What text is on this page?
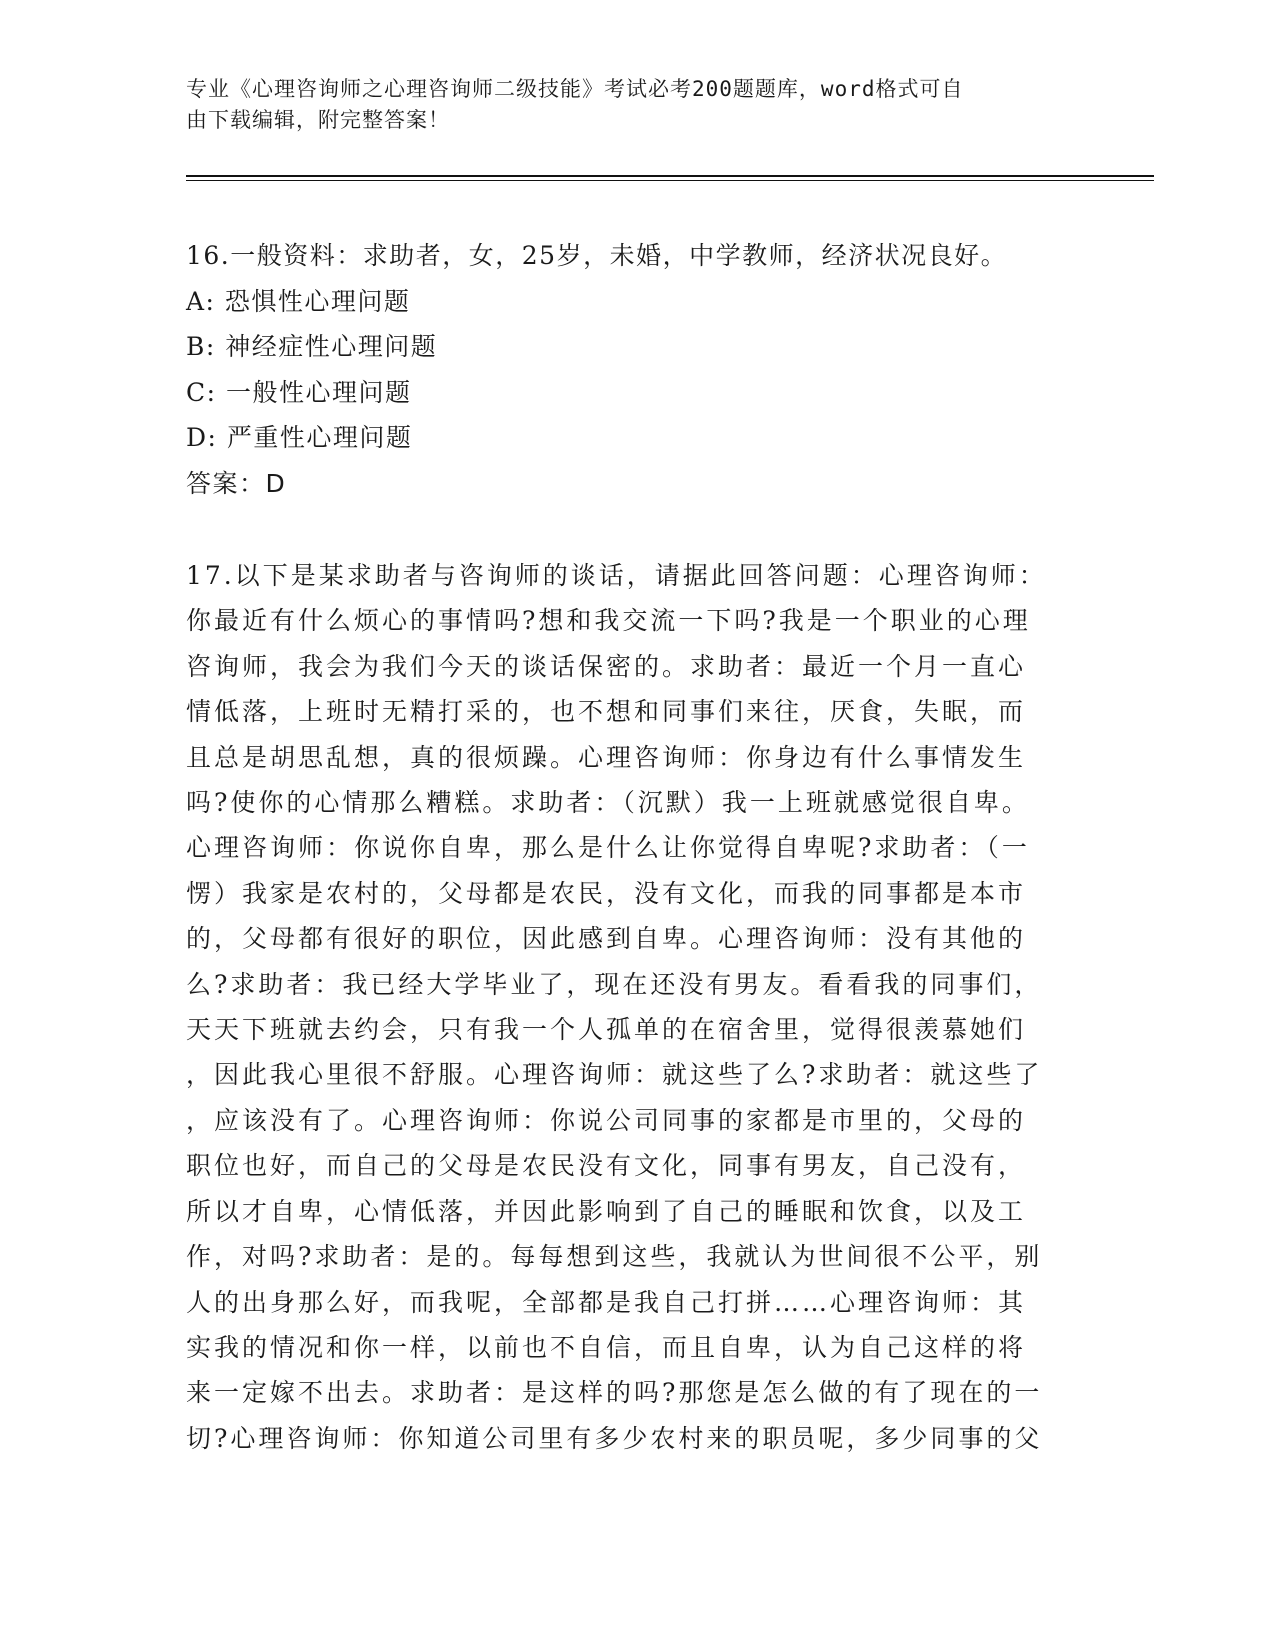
专业《心理咨询师之心理咨询师二级技能》考试必考200题题库，word格式可自
由下载编辑，附完整答案！
16.一般资料：求助者，女，25岁，未婚，中学教师，经济状况良好。
A: 恐惧性心理问题
B: 神经症性心理问题
C: 一般性心理问题
D: 严重性心理问题
答案：D
17.以下是某求助者与咨询师的谈话，请据此回答问题：心理咨询师：
你最近有什么烦心的事情吗?想和我交流一下吗?我是一个职业的心理
咨询师，我会为我们今天的谈话保密的。求助者：最近一个月一直心
情低落，上班时无精打采的，也不想和同事们来往，厌食，失眠，而
且总是胡思乱想，真的很烦躁。心理咨询师：你身边有什么事情发生
吗?使你的心情那么糟糕。求助者：（沉默）我一上班就感觉很自卑。
心理咨询师：你说你自卑，那么是什么让你觉得自卑呢?求助者：（一
愣）我家是农村的，父母都是农民，没有文化，而我的同事都是本市
的，父母都有很好的职位，因此感到自卑。心理咨询师：没有其他的
么?求助者：我已经大学毕业了，现在还没有男友。看看我的同事们，
天天下班就去约会，只有我一个人孤单的在宿舍里，觉得很羡慕她们
，因此我心里很不舒服。心理咨询师：就这些了么?求助者：就这些了
，应该没有了。心理咨询师：你说公司同事的家都是市里的，父母的
职位也好，而自己的父母是农民没有文化，同事有男友，自己没有，
所以才自卑，心情低落，并因此影响到了自己的睡眠和饮食，以及工
作，对吗?求助者：是的。每每想到这些，我就认为世间很不公平，别
人的出身那么好，而我呢，全部都是我自己打拼……心理咨询师：其
实我的情况和你一样，以前也不自信，而且自卑，认为自己这样的将
来一定嫁不出去。求助者：是这样的吗?那您是怎么做的有了现在的一
切?心理咨询师：你知道公司里有多少农村来的职员呢，多少同事的父
